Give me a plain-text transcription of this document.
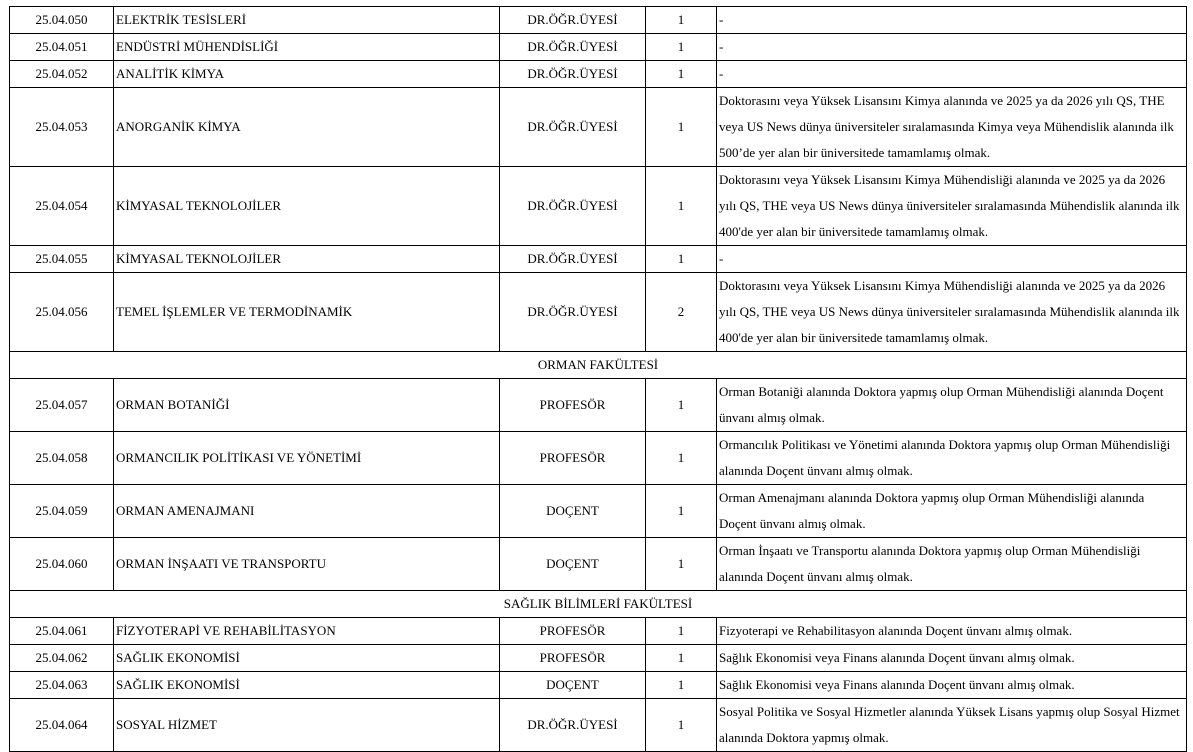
25.04.050	ELEKTRİK TESİSLERİ	DR.ÖĞR.ÜYESİ	1	-
25.04.051	ENDÜSTRİ MÜHENDİSLİĞİ	DR.ÖĞR.ÜYESİ	1	-
25.04.052	ANALİTİK KİMYA	DR.ÖĞR.ÜYESİ	1	-
25.04.053	ANORGANİK KİMYA	DR.ÖĞR.ÜYESİ	1	Doktorasını veya Yüksek Lisansını Kimya alanında ve 2025 ya da 2026 yılı QS, THE veya US News dünya üniversiteler sıralamasında Kimya veya Mühendislik alanında ilk 500’de yer alan bir üniversitede tamamlamış olmak.
25.04.054	KİMYASAL TEKNOLOJİLER	DR.ÖĞR.ÜYESİ	1	Doktorasını veya Yüksek Lisansını Kimya Mühendisliği alanında ve 2025 ya da 2026 yılı QS, THE veya US News dünya üniversiteler sıralamasında Mühendislik alanında ilk 400'de yer alan bir üniversitede tamamlamış olmak.
25.04.055	KİMYASAL TEKNOLOJİLER	DR.ÖĞR.ÜYESİ	1	-
25.04.056	TEMEL İŞLEMLER VE TERMODİNAMİK	DR.ÖĞR.ÜYESİ	2	Doktorasını veya Yüksek Lisansını Kimya Mühendisliği alanında ve 2025 ya da 2026 yılı QS, THE veya US News dünya üniversiteler sıralamasında Mühendislik alanında ilk 400'de yer alan bir üniversitede tamamlamış olmak.
ORMAN FAKÜLTESİ				
25.04.057	ORMAN BOTANİĞİ	PROFESÖR	1	Orman Botaniği alanında Doktora yapmış olup Orman Mühendisliği alanında Doçent ünvanı almış olmak.
25.04.058	ORMANCILIK POLİTİKASI VE YÖNETİMİ	PROFESÖR	1	Ormancılık Politikası ve Yönetimi alanında Doktora yapmış olup Orman Mühendisliği alanında Doçent ünvanı almış olmak.
25.04.059	ORMAN AMENAJMANI	DOÇENT	1	Orman Amenajmanı alanında Doktora yapmış olup Orman Mühendisliği alanında Doçent ünvanı almış olmak.
25.04.060	ORMAN İNŞAATI VE TRANSPORTU	DOÇENT	1	Orman İnşaatı ve Transportu alanında Doktora yapmış olup Orman Mühendisliği alanında Doçent ünvanı almış olmak.
SAĞLIK BİLİMLERİ FAKÜLTESİ				
25.04.061	FİZYOTERAPİ VE REHABİLİTASYON	PROFESÖR	1	Fizyoterapi ve Rehabilitasyon alanında Doçent ünvanı almış olmak.
25.04.062	SAĞLIK EKONOMİSİ	PROFESÖR	1	Sağlık Ekonomisi veya Finans alanında Doçent ünvanı almış olmak.
25.04.063	SAĞLIK EKONOMİSİ	DOÇENT	1	Sağlık Ekonomisi veya Finans alanında Doçent ünvanı almış olmak.
25.04.064	SOSYAL HİZMET	DR.ÖĞR.ÜYESİ	1	Sosyal Politika ve Sosyal Hizmetler alanında Yüksek Lisans yapmış olup Sosyal Hizmet alanında Doktora yapmış olmak.
